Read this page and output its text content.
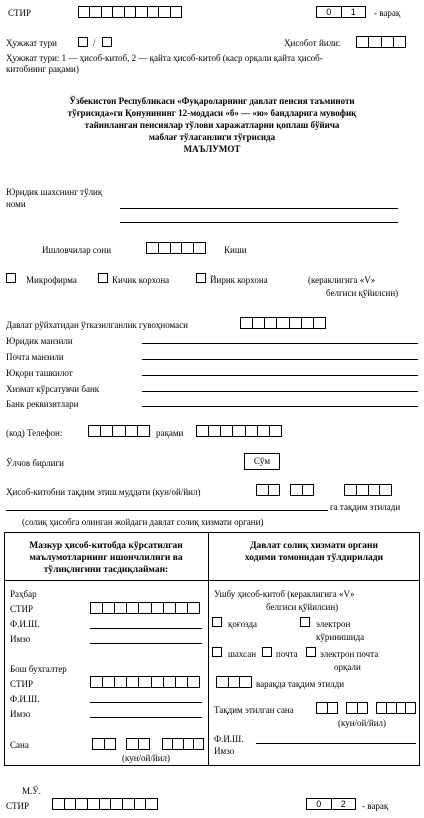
СТИР	0	1	- варақ
Ҳужжат тури	/	Ҳисобот йили:
Ҳужжат тури: 1 — ҳисоб-китоб, 2 — қайта ҳисоб-китоб (каср орқали қайта ҳисоб-
китобнинг рақами)
Ўзбекистон Республикаси «Фуқароларнинг давлат пенсия таъминоти
тўғрисида»ги Қонунининг 12-моддаси «б» — «ю» бандларига мувофиқ
тайинланган пенсиялар тўлови харажатларни қоплаш бўйича
маблағ тўлаганлиги тўғрисида
МАЪЛУМОТ
Юридик шахснинг тўлиқ
номи
Ишловчилар сони	Киши
Микрофирма	Кичик корхона	Йирик корхона	(кераклигига «V»
белгиси қўйилсин)
Давлат рўйхатидан ўтказилганлик гувоҳномаси
Юридик манзили
Почта манзили
Юқори ташкилот
Хизмат кўрсатувчи банк
Банк реквизитлари
(код) Телефон:	рақами
Ўлчов бирлиги	Сўм
Ҳисоб-китобни тақдим этиш муддати (кун/ой/йил)
га тақдим этилади
(солиқ ҳисобга олинган жойдаги давлат солиқ хизмати органи)
Мазкур ҳисоб-китобда кўрсатилган
маълумотларнинг ишончлилиги ва
тўлиқлигини тасдиқлайман:
Давлат солиқ хизмати органи
ходими томонидан тўлдирилади
Раҳбар
СТИР
Ф.И.Ш.
Имзо
Бош бухгалтер
СТИР
Ф.И.Ш.
Имзо
Сана
(кун/ой/йил)
Ушбу ҳисоб-китоб (кераклигига «V»
белгиси қўйилсин)
қоғозда	электрон
кўринишида
шахсан почта электрон почта
орқали
варақда тақдим этилди
Тақдим этилган сана
(кун/ой/йил)
Ф.И.Ш.
Имзо
М.Ў.
СТИР	0	2	- варақ
